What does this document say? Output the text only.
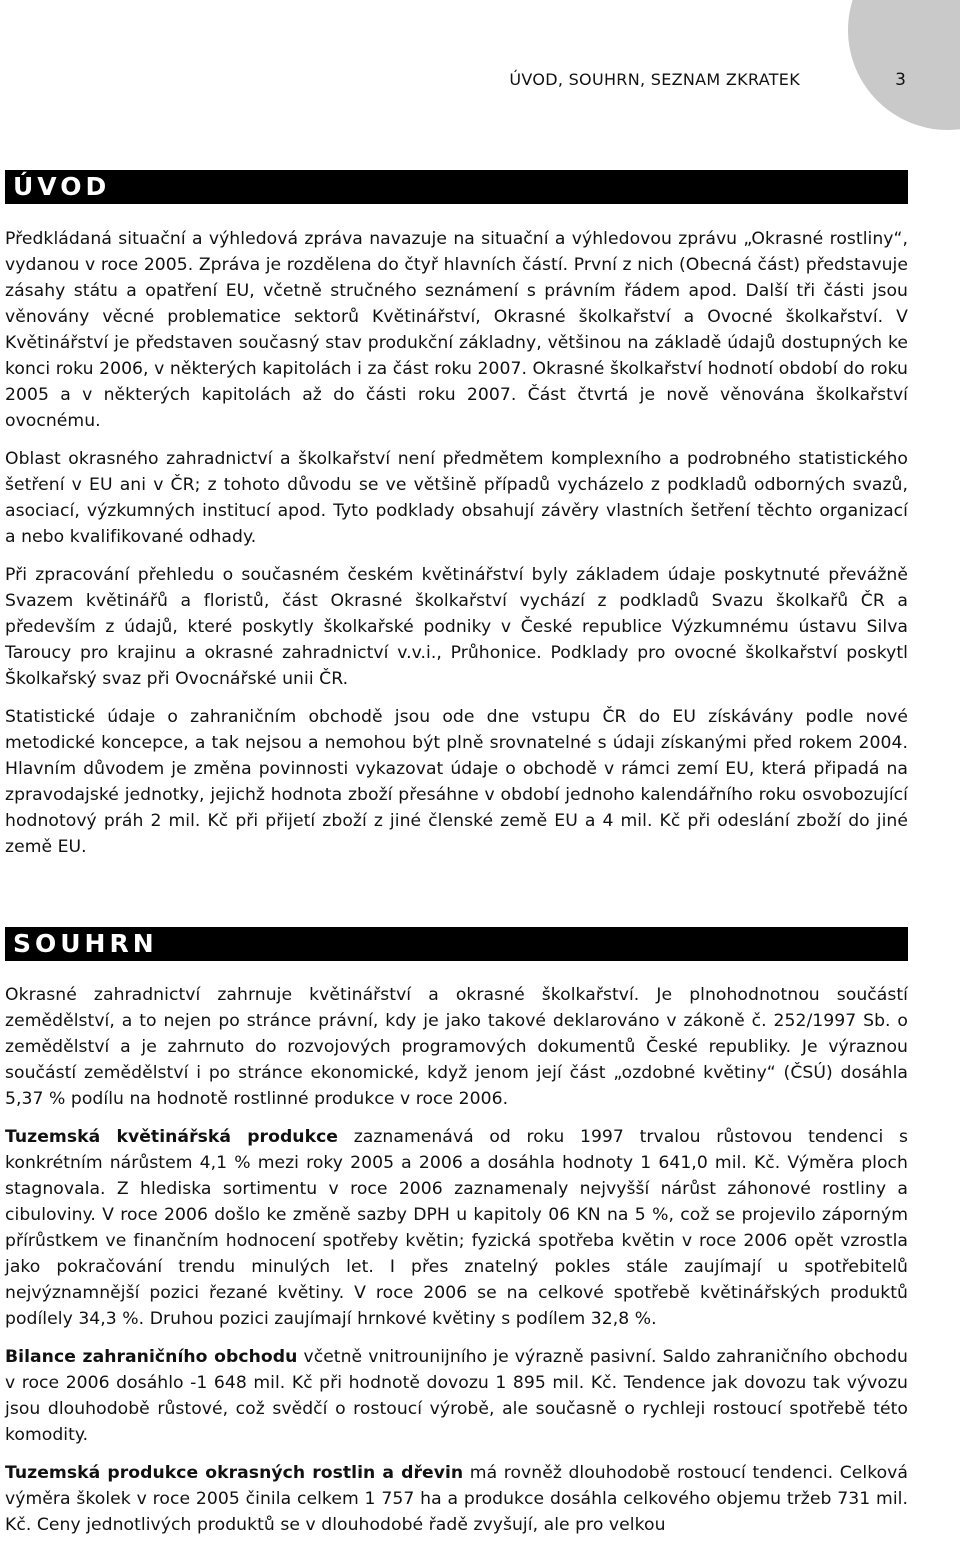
ÚVOD, SOUHRN, SEZNAM ZKRATEK	3
ÚVOD

Předkládaná situační a výhledová zpráva navazuje na situační a výhledovou zprávu „Okrasné rostliny“, vydanou v roce 2005. Zpráva je rozdělena do čtyř hlavních částí. První z nich (Obecná část) představuje zásahy státu a opatření EU, včetně stručného seznámení s právním řádem apod. Další tři části jsou věnovány věcné problematice sektorů Květinářství, Okrasné školkařství a Ovocné školkařství. V Květinářství je představen současný stav produkční základny, většinou na základě údajů dostupných ke konci roku 2006, v některých kapitolách i za část roku 2007. Okrasné školkařství hodnotí období do roku 2005 a v některých kapitolách až do části roku 2007. Část čtvrtá je nově věnována školkařství ovocnému.

Oblast okrasného zahradnictví a školkařství není předmětem komplexního a podrobného statistického šetření v EU ani v ČR; z tohoto důvodu se ve většině případů vycházelo z podkladů odborných svazů, asociací, výzkumných institucí apod. Tyto podklady obsahují závěry vlastních šetření těchto organizací a nebo kvalifikované odhady.

Při zpracování přehledu o současném českém květinářství byly základem údaje poskytnuté převážně Svazem květinářů a floristů, část Okrasné školkařství vychází z podkladů Svazu školkařů ČR a především z údajů, které poskytly školkařské podniky v České republice Výzkumnému ústavu Silva Taroucy pro krajinu a okrasné zahradnictví v.v.i., Průhonice. Podklady pro ovocné školkařství poskytl Školkařský svaz při Ovocnářské unii ČR.

Statistické údaje o zahraničním obchodě jsou ode dne vstupu ČR do EU získávány podle nové metodické koncepce, a tak nejsou a nemohou být plně srovnatelné s údaji získanými před rokem 2004. Hlavním důvodem je změna povinnosti vykazovat údaje o obchodě v rámci zemí EU, která připadá na zpravodajské jednotky, jejichž hodnota zboží přesáhne v období jednoho kalendářního roku osvobozující hodnotový práh 2 mil. Kč při přijetí zboží z jiné členské země EU a 4 mil. Kč při odeslání zboží do jiné země EU.

SOUHRN

Okrasné zahradnictví zahrnuje květinářství a okrasné školkařství. Je plnohodnotnou součástí zemědělství, a to nejen po stránce právní, kdy je jako takové deklarováno v zákoně č. 252/1997 Sb. o zemědělství a je zahrnuto do rozvojových programových dokumentů České republiky. Je výraznou součástí zemědělství i po stránce ekonomické, když jenom její část „ozdobné květiny“ (ČSÚ) dosáhla 5,37 % podílu na hodnotě rostlinné produkce v roce 2006.

Tuzemská květinářská produkce zaznamenává od roku 1997 trvalou růstovou tendenci s konkrétním nárůstem 4,1 % mezi roky 2005 a 2006 a dosáhla hodnoty 1 641,0 mil. Kč. Výměra ploch stagnovala. Z hlediska sortimentu v roce 2006 zaznamenaly nejvyšší nárůst záhonové rostliny a cibuloviny. V roce 2006 došlo ke změně sazby DPH u kapitoly 06 KN na 5 %, což se projevilo záporným přírůstkem ve finančním hodnocení spotřeby květin; fyzická spotřeba květin v roce 2006 opět vzrostla jako pokračování trendu minulých let. I přes znatelný pokles stále zaujímají u spotřebitelů nejvýznamnější pozici řezané květiny. V roce 2006 se na celkové spotřebě květinářských produktů podílely 34,3 %. Druhou pozici zaujímají hrnkové květiny s podílem 32,8 %.

Bilance zahraničního obchodu včetně vnitrounijního je výrazně pasivní. Saldo zahraničního obchodu v roce 2006 dosáhlo -1 648 mil. Kč při hodnotě dovozu 1 895 mil. Kč. Tendence jak dovozu tak vývozu jsou dlouhodobě růstové, což svědčí o rostoucí výrobě, ale současně o rychleji rostoucí spotřebě této komodity.

Tuzemská produkce okrasných rostlin a dřevin má rovněž dlouhodobě rostoucí tendenci. Celková výměra školek v roce 2005 činila celkem 1 757 ha a produkce dosáhla celkového objemu tržeb 731 mil. Kč. Ceny jednotlivých produktů se v dlouhodobé řadě zvyšují, ale pro velkou
